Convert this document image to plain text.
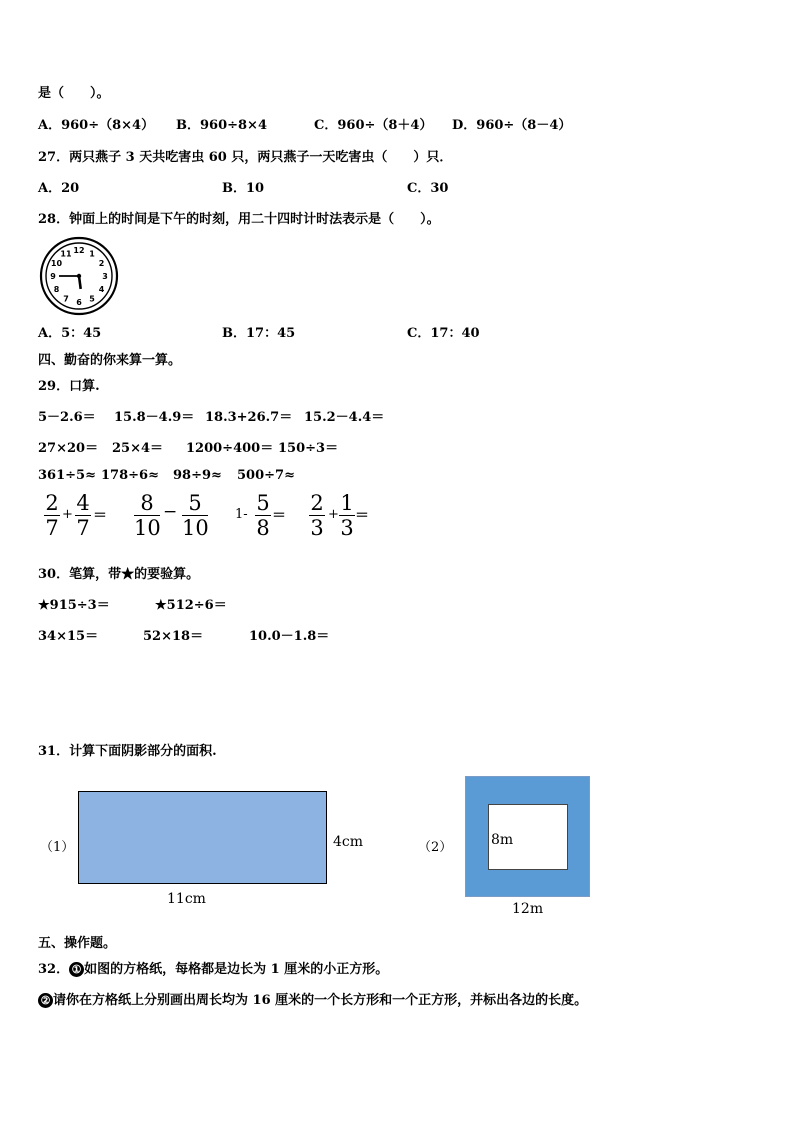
是（　　）。
A．960÷（8×4） B．960÷8×4	C．960÷（8＋4） D．960÷（8－4）
27．两只燕子 3 天共吃害虫 60 只，两只燕子一天吃害虫（　　）只．
A．20	B．10	C．30
28．钟面上的时间是下午的时刻，用二十四时计时法表示是（　　）。
12 1
2
3
4
5
6
7
8
9
10
11
A．5：45	B．17：45	C．17：40
四、勤奋的你来算一算。
29．口算.
5－2.6＝ 15.8－4.9＝ 18.3+26.7＝ 15.2－4.4＝
27×20＝ 25×4＝ 1200÷400＝ 150÷3＝
361÷5≈ 178÷6≈ 98÷9≈ 500÷7≈
2
7
+ 4
7 ＝
8
10
− 5
10
1- 5
8 ＝
2
3
+ 1
3 ＝
30．笔算，带★的要验算。
★915÷3＝	★512÷6＝
34×15＝	52×18＝	10.0－1.8＝
31．计算下面阴影部分的面积.
（1）	4cm
11cm
（2）	8m
12m
五、操作题。
32． ① 如图的方格纸，每格都是边长为 1 厘米的小正方形。
② 请你在方格纸上分别画出周长均为 16 厘米的一个长方形和一个正方形，并标出各边的长度。
